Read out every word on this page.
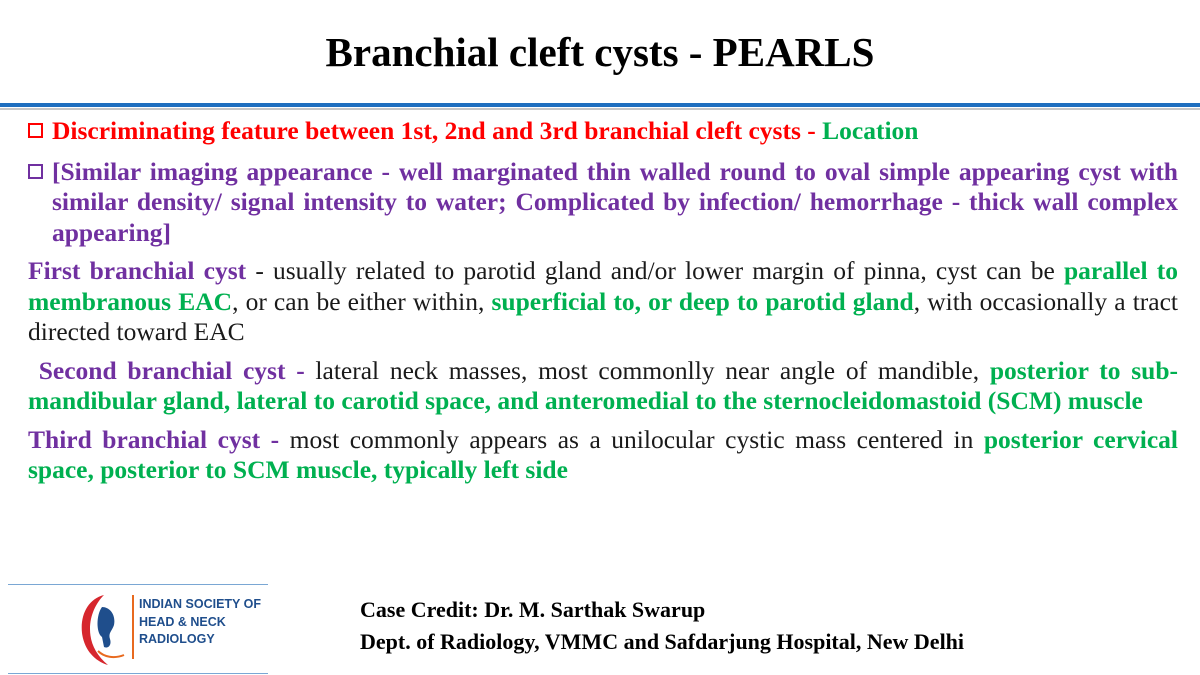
Branchial cleft cysts - PEARLS
Discriminating feature between 1st, 2nd and 3rd branchial cleft cysts - Location
[Similar imaging appearance - well marginated thin walled round to oval simple appearing cyst with similar density/ signal intensity to water; Complicated by infection/ hemorrhage - thick wall complex appearing]
First branchial cyst - usually related to parotid gland and/or lower margin of pinna, cyst can be parallel to membranous EAC, or can be either within, superficial to, or deep to parotid gland, with occasionally a tract directed toward EAC
Second branchial cyst - lateral neck masses, most commonlly near angle of mandible, posterior to sub-mandibular gland, lateral to carotid space, and anteromedial to the sternocleidomastoid (SCM) muscle
Third branchial cyst - most commonly appears as a unilocular cystic mass centered in posterior cervical space, posterior to SCM muscle, typically left side
INDIAN SOCIETY OF
HEAD & NECK
RADIOLOGY
Case Credit: Dr. M. Sarthak Swarup
Dept. of Radiology, VMMC and Safdarjung Hospital, New Delhi
